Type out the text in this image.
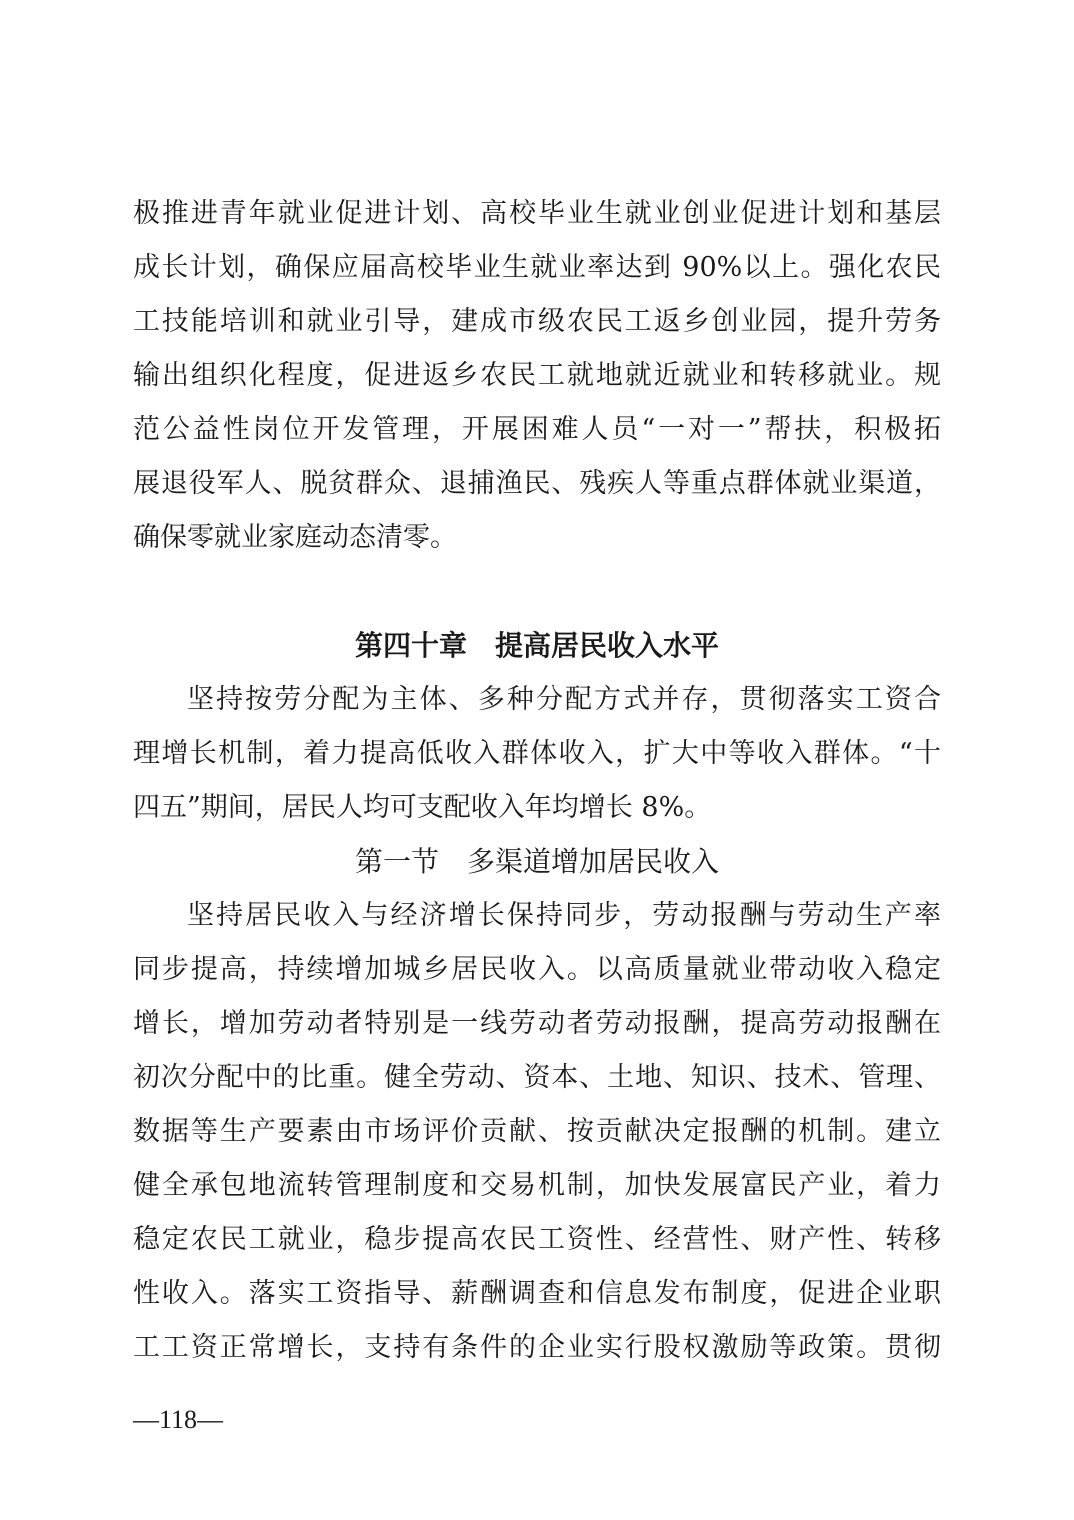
极推进青年就业促进计划、高校毕业生就业创业促进计划和基层
成长计划，确保应届高校毕业生就业率达到 90%以上。强化农民
工技能培训和就业引导，建成市级农民工返乡创业园，提升劳务
输出组织化程度，促进返乡农民工就地就近就业和转移就业。规
范公益性岗位开发管理，开展困难人员“一对一”帮扶，积极拓
展退役军人、脱贫群众、退捕渔民、残疾人等重点群体就业渠道，
确保零就业家庭动态清零。
第四十章　提高居民收入水平
坚持按劳分配为主体、多种分配方式并存，贯彻落实工资合
理增长机制，着力提高低收入群体收入，扩大中等收入群体。“十
四五”期间，居民人均可支配收入年均增长 8%。
第一节　多渠道增加居民收入
坚持居民收入与经济增长保持同步，劳动报酬与劳动生产率
同步提高，持续增加城乡居民收入。以高质量就业带动收入稳定
增长，增加劳动者特别是一线劳动者劳动报酬，提高劳动报酬在
初次分配中的比重。健全劳动、资本、土地、知识、技术、管理、
数据等生产要素由市场评价贡献、按贡献决定报酬的机制。建立
健全承包地流转管理制度和交易机制，加快发展富民产业，着力
稳定农民工就业，稳步提高农民工资性、经营性、财产性、转移
性收入。落实工资指导、薪酬调查和信息发布制度，促进企业职
工工资正常增长，支持有条件的企业实行股权激励等政策。贯彻
—118—
